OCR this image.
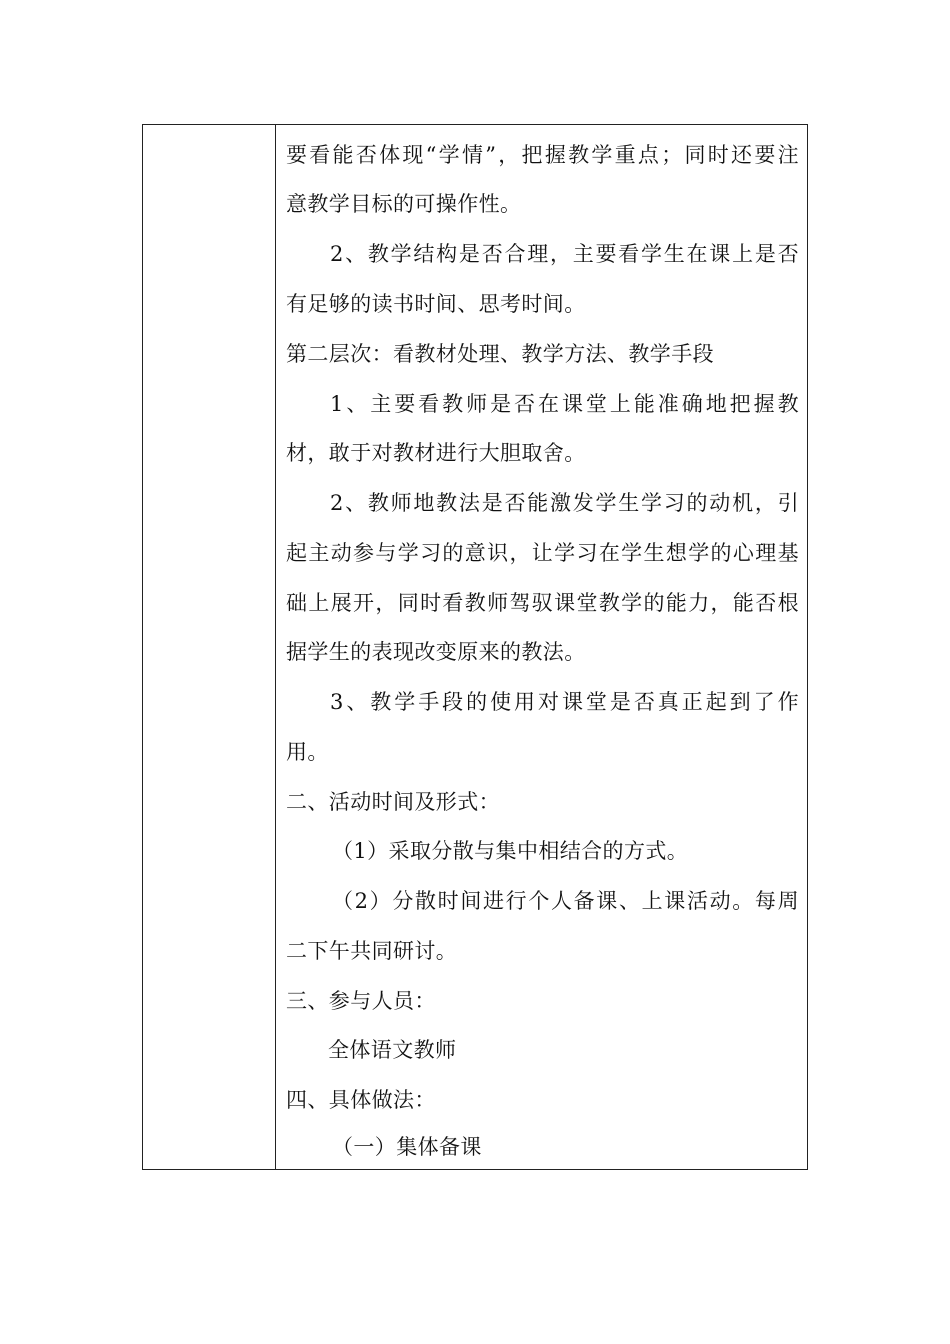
要看能否体现“学情”，把握教学重点；同时还要注
意教学目标的可操作性。
2、教学结构是否合理，主要看学生在课上是否
有足够的读书时间、思考时间。
第二层次：看教材处理、教学方法、教学手段
1、主要看教师是否在课堂上能准确地把握教
材，敢于对教材进行大胆取舍。
2、教师地教法是否能激发学生学习的动机，引
起主动参与学习的意识，让学习在学生想学的心理基
础上展开，同时看教师驾驭课堂教学的能力，能否根
据学生的表现改变原来的教法。
3、教学手段的使用对课堂是否真正起到了作
用。
二、活动时间及形式：
（1）采取分散与集中相结合的方式。
（2）分散时间进行个人备课、上课活动。每周
二下午共同研讨。
三、参与人员：
全体语文教师
四、具体做法：
（一）集体备课
